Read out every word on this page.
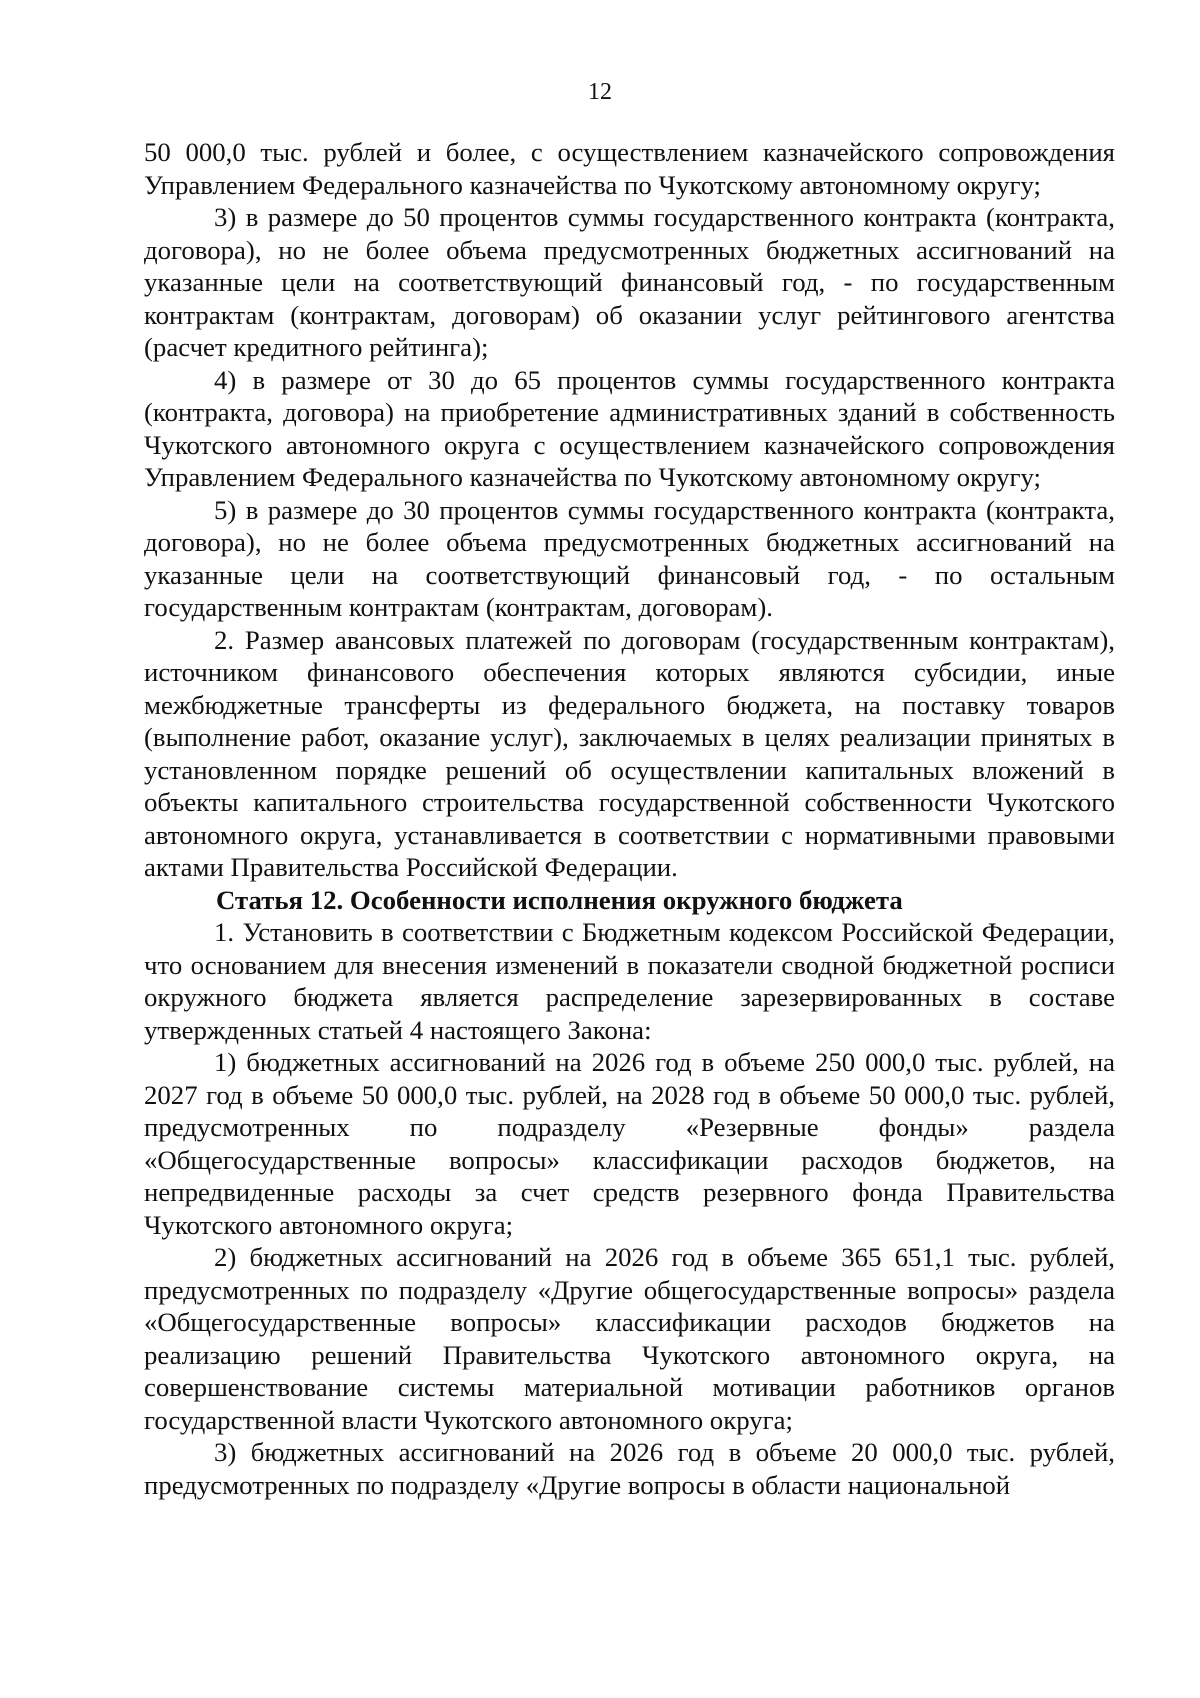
12

50 000,0 тыс. рублей и более, с осуществлением казначейского сопровождения Управлением Федерального казначейства по Чукотскому автономному округу;

3) в размере до 50 процентов суммы государственного контракта (контракта, договора), но не более объема предусмотренных бюджетных ассигнований на указанные цели на соответствующий финансовый год, - по государственным контрактам (контрактам, договорам) об оказании услуг рейтингового агентства (расчет кредитного рейтинга);

4) в размере от 30 до 65 процентов суммы государственного контракта (контракта, договора) на приобретение административных зданий в собственность Чукотского автономного округа с осуществлением казначейского сопровождения Управлением Федерального казначейства по Чукотскому автономному округу;

5) в размере до 30 процентов суммы государственного контракта (контракта, договора), но не более объема предусмотренных бюджетных ассигнований на указанные цели на соответствующий финансовый год, - по остальным государственным контрактам (контрактам, договорам).

2. Размер авансовых платежей по договорам (государственным контрактам), источником финансового обеспечения которых являются субсидии, иные межбюджетные трансферты из федерального бюджета, на поставку товаров (выполнение работ, оказание услуг), заключаемых в целях реализации принятых в установленном порядке решений об осуществлении капитальных вложений в объекты капитального строительства государственной собственности Чукотского автономного округа, устанавливается в соответствии с нормативными правовыми актами Правительства Российской Федерации.

Статья 12. Особенности исполнения окружного бюджета

1. Установить в соответствии с Бюджетным кодексом Российской Федерации, что основанием для внесения изменений в показатели сводной бюджетной росписи окружного бюджета является распределение зарезервированных в составе утвержденных статьей 4 настоящего Закона:

1) бюджетных ассигнований на 2026 год в объеме 250 000,0 тыс. рублей, на 2027 год в объеме 50 000,0 тыс. рублей, на 2028 год в объеме 50 000,0 тыс. рублей, предусмотренных по подразделу «Резервные фонды» раздела «Общегосударственные вопросы» классификации расходов бюджетов, на непредвиденные расходы за счет средств резервного фонда Правительства Чукотского автономного округа;

2) бюджетных ассигнований на 2026 год в объеме 365 651,1 тыс. рублей, предусмотренных по подразделу «Другие общегосударственные вопросы» раздела «Общегосударственные вопросы» классификации расходов бюджетов на реализацию решений Правительства Чукотского автономного округа, на совершенствование системы материальной мотивации работников органов государственной власти Чукотского автономного округа;

3) бюджетных ассигнований на 2026 год в объеме 20 000,0 тыс. рублей, предусмотренных по подразделу «Другие вопросы в области национальной
